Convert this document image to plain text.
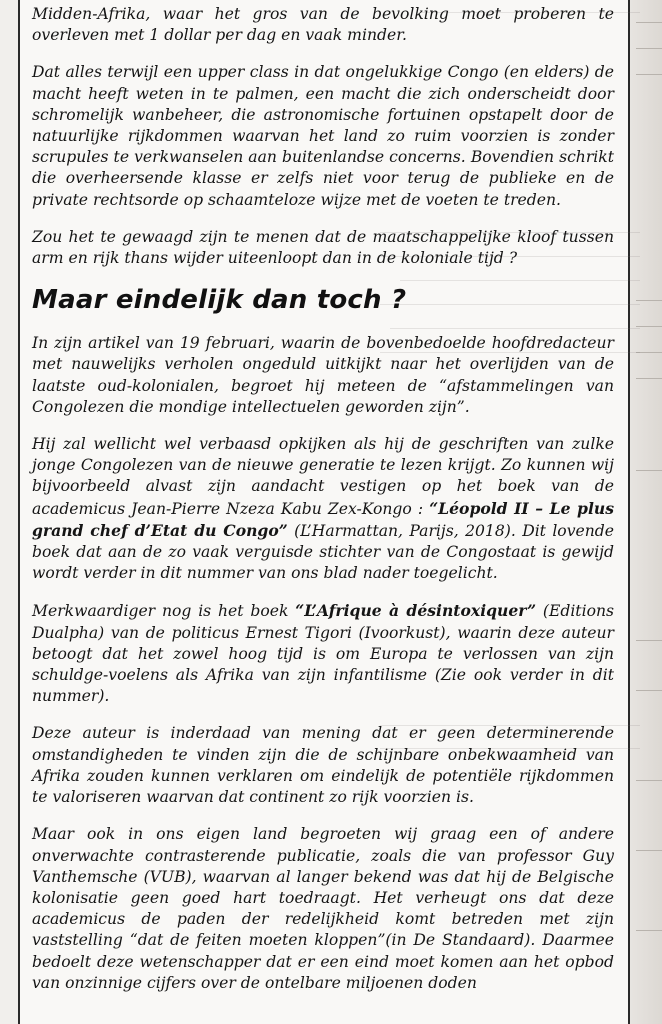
Midden-Afrika, waar het gros van de bevolking moet proberen te overleven met 1 dollar per dag en vaak minder.

Dat alles terwijl een upper class in dat ongelukkige Congo (en elders) de macht heeft weten in te palmen, een macht die zich onderscheidt door schromelijk wanbeheer, die astronomische fortuinen opstapelt door de natuurlijke rijkdommen waarvan het land zo ruim voorzien is zonder scrupules te verkwanselen aan buitenlandse concerns. Bovendien schrikt die overheersende klasse er zelfs niet voor terug de publieke en de private rechtsorde op schaamteloze wijze met de voeten te treden.

Zou het te gewaagd zijn te menen dat de maatschappelijke kloof tussen arm en rijk thans wijder uiteenloopt dan in de koloniale tijd ?

Maar eindelijk dan toch ?

In zijn artikel van 19 februari, waarin de bovenbedoelde hoofdredacteur met nauwelijks verholen ongeduld uitkijkt naar het overlijden van de laatste oud-kolonialen, begroet hij meteen de “afstammelingen van Congolezen die mondige intellectuelen geworden zijn”.

Hij zal wellicht wel verbaasd opkijken als hij de geschriften van zulke jonge Congolezen van de nieuwe generatie te lezen krijgt. Zo kunnen wij bijvoorbeeld alvast zijn aandacht vestigen op het boek van de academicus Jean-Pierre Nzeza Kabu Zex-Kongo : “Léopold II – Le plus grand chef d’Etat du Congo” (L’Harmattan, Parijs, 2018). Dit lovende boek dat aan de zo vaak verguisde stichter van de Congostaat is gewijd wordt verder in dit nummer van ons blad nader toegelicht.

Merkwaardiger nog is het boek “L’Afrique à désintoxiquer” (Editions Dualpha) van de politicus Ernest Tigori (Ivoorkust), waarin deze auteur betoogt dat het zowel hoog tijd is om Europa te verlossen van zijn schuldge-voelens als Afrika van zijn infantilisme (Zie ook verder in dit nummer).

Deze auteur is inderdaad van mening dat er geen determinerende omstandigheden te vinden zijn die de schijnbare onbekwaamheid van Afrika zouden kunnen verklaren om eindelijk de potentiële rijkdommen te valoriseren waarvan dat continent zo rijk voorzien is.

Maar ook in ons eigen land begroeten wij graag een of andere onverwachte contrasterende publicatie, zoals die van professor Guy Vanthemsche (VUB), waarvan al langer bekend was dat hij de Belgische kolonisatie geen goed hart toedraagt. Het verheugt ons dat deze academicus de paden der redelijkheid komt betreden met zijn vaststelling “dat de feiten moeten kloppen”(in De Standaard). Daarmee bedoelt deze wetenschapper dat er een eind moet komen aan het opbod van onzinnige cijfers over de ontelbare miljoenen doden
